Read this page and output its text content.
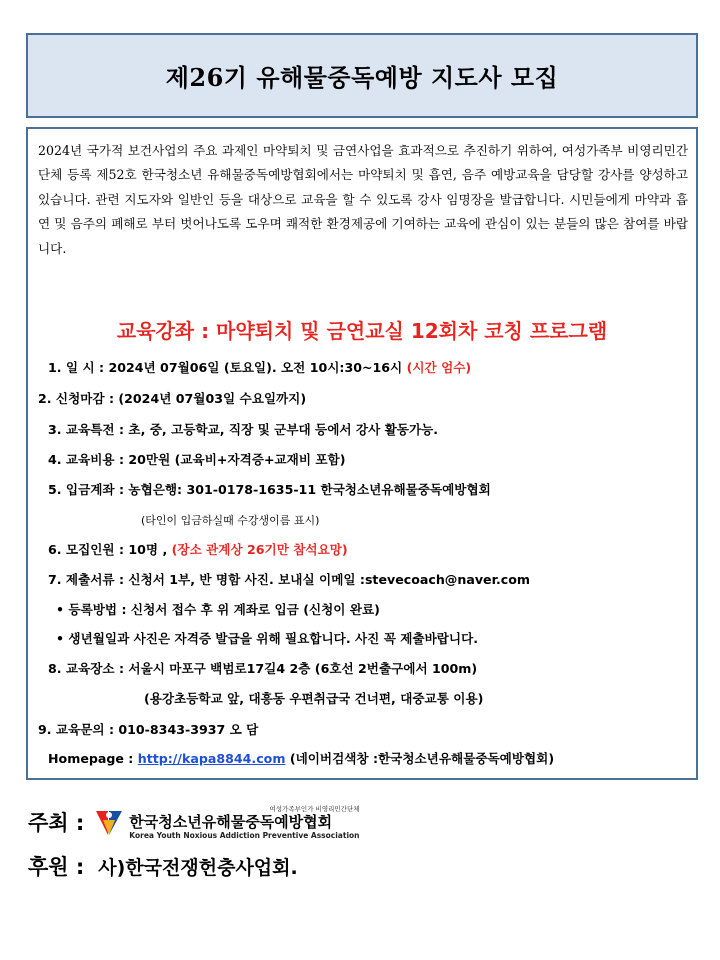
제26기 유해물중독예방 지도사 모집

2024년 국가적 보건사업의 주요 과제인 마약퇴치 및 금연사업을 효과적으로 추진하기 위하여, 여성가족부 비영리민간단체 등록 제52호 한국청소년 유해물중독예방협회에서는 마약퇴치 및 흡연, 음주 예방교육을 담당할 강사를 양성하고 있습니다. 관련 지도자와 일반인 등을 대상으로 교육을 할 수 있도록 강사 임명장을 발급합니다. 시민들에게 마약과 흡연 및 음주의 폐해로 부터 벗어나도록 도우며 쾌적한 환경제공에 기여하는 교육에 관심이 있는 분들의 많은 참여를 바랍니다.

교육강좌 : 마약퇴치 및 금연교실 12회차 코칭 프로그램

1. 일 시 : 2024년 07월06일 (토요일). 오전 10시:30~16시 (시간 엄수)

2. 신청마감 : (2024년 07월03일 수요일까지)

3. 교육특전 : 초, 중, 고등학교, 직장 및 군부대 등에서 강사 활동가능.

4. 교육비용 : 20만원 (교육비+자격증+교재비 포함)

5. 입금계좌 : 농협은행: 301-0178-1635-11 한국청소년유해물중독예방협회

(타인이 입금하실때 수강생이름 표시)

6. 모집인원 : 10명 , (장소 관계상 26기만 참석요망)

7. 제출서류 : 신청서 1부, 반 명함 사진. 보내실 이메일 :stevecoach@naver.com

• 등록방법 : 신청서 접수 후 위 계좌로 입금 (신청이 완료)

• 생년월일과 사진은 자격증 발급을 위해 필요합니다. 사진 꼭 제출바랍니다.

8. 교육장소 : 서울시 마포구 백범로17길4 2층 (6호선 2번출구에서 100m)

(용강초등학교 앞, 대흥동 우편취급국 건너편, 대중교통 이용)

9. 교육문의 : 010-8343-3937 오 담

Homepage : http://kapa8844.com (네이버검색창 :한국청소년유해물중독예방협회)

주최 :
여성가족부인가 비영리민간단체
한국청소년유해물중독예방협회
Korea Youth Noxious Addiction Preventive Association
후원 : 사)한국전쟁헌충사업회.
